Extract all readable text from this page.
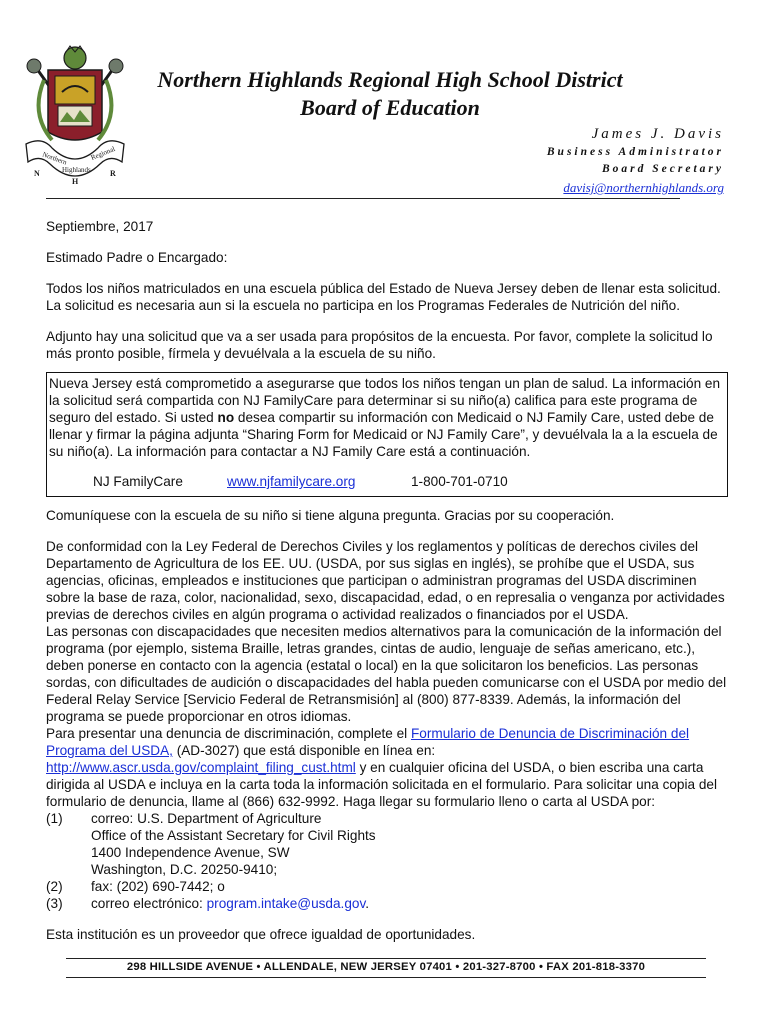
Northern
Highlands
Regional
N
H
R
Northern Highlands Regional High School District
Board of Education
James J. Davis
Business Administrator
Board Secretary
davisj@northernhighlands.org

Septiembre, 2017

Estimado Padre o Encargado:

Todos los niños matriculados en una escuela pública del Estado de Nueva Jersey deben de llenar esta solicitud. La solicitud es necesaria aun si la escuela no participa en los Programas Federales de Nutrición del niño.

Adjunto hay una solicitud que va a ser usada para propósitos de la encuesta. Por favor, complete la solicitud lo más pronto posible, fírmela y devuélvala a la escuela de su niño.

Nueva Jersey está comprometido a asegurarse que todos los niños tengan un plan de salud. La información en la solicitud será compartida con NJ FamilyCare para determinar si su niño(a) califica para este programa de seguro del estado. Si usted no desea compartir su información con Medicaid o NJ Family Care, usted debe de llenar y firmar la página adjunta “Sharing Form for Medicaid or NJ Family Care”, y devuélvala la a la escuela de su niño(a). La información para contactar a NJ Family Care está a continuación.

NJ FamilyCare	www.njfamilycare.org	1-800-701-0710

Comuníquese con la escuela de su niño si tiene alguna pregunta. Gracias por su cooperación.

De conformidad con la Ley Federal de Derechos Civiles y los reglamentos y políticas de derechos civiles del Departamento de Agricultura de los EE. UU. (USDA, por sus siglas en inglés), se prohíbe que el USDA, sus agencias, oficinas, empleados e instituciones que participan o administran programas del USDA discriminen sobre la base de raza, color, nacionalidad, sexo, discapacidad, edad, o en represalia o venganza por actividades previas de derechos civiles en algún programa o actividad realizados o financiados por el USDA.

Las personas con discapacidades que necesiten medios alternativos para la comunicación de la información del programa (por ejemplo, sistema Braille, letras grandes, cintas de audio, lenguaje de señas americano, etc.), deben ponerse en contacto con la agencia (estatal o local) en la que solicitaron los beneficios. Las personas sordas, con dificultades de audición o discapacidades del habla pueden comunicarse con el USDA por medio del Federal Relay Service [Servicio Federal de Retransmisión] al (800) 877-8339. Además, la información del programa se puede proporcionar en otros idiomas.

Para presentar una denuncia de discriminación, complete el Formulario de Denuncia de Discriminación del Programa del USDA, (AD-3027) que está disponible en línea en: http://www.ascr.usda.gov/complaint_filing_cust.html y en cualquier oficina del USDA, o bien escriba una carta dirigida al USDA e incluya en la carta toda la información solicitada en el formulario. Para solicitar una copia del formulario de denuncia, llame al (866) 632-9992. Haga llegar su formulario lleno o carta al USDA por:

(1)	correo: U.S. Department of Agriculture
Office of the Assistant Secretary for Civil Rights
1400 Independence Avenue, SW
Washington, D.C. 20250-9410;
(2)	fax: (202) 690-7442; o
(3)	correo electrónico: program.intake@usda.gov.

Esta institución es un proveedor que ofrece igualdad de oportunidades.

298 HILLSIDE AVENUE • ALLENDALE, NEW JERSEY 07401 • 201-327-8700 • FAX 201-818-3370
